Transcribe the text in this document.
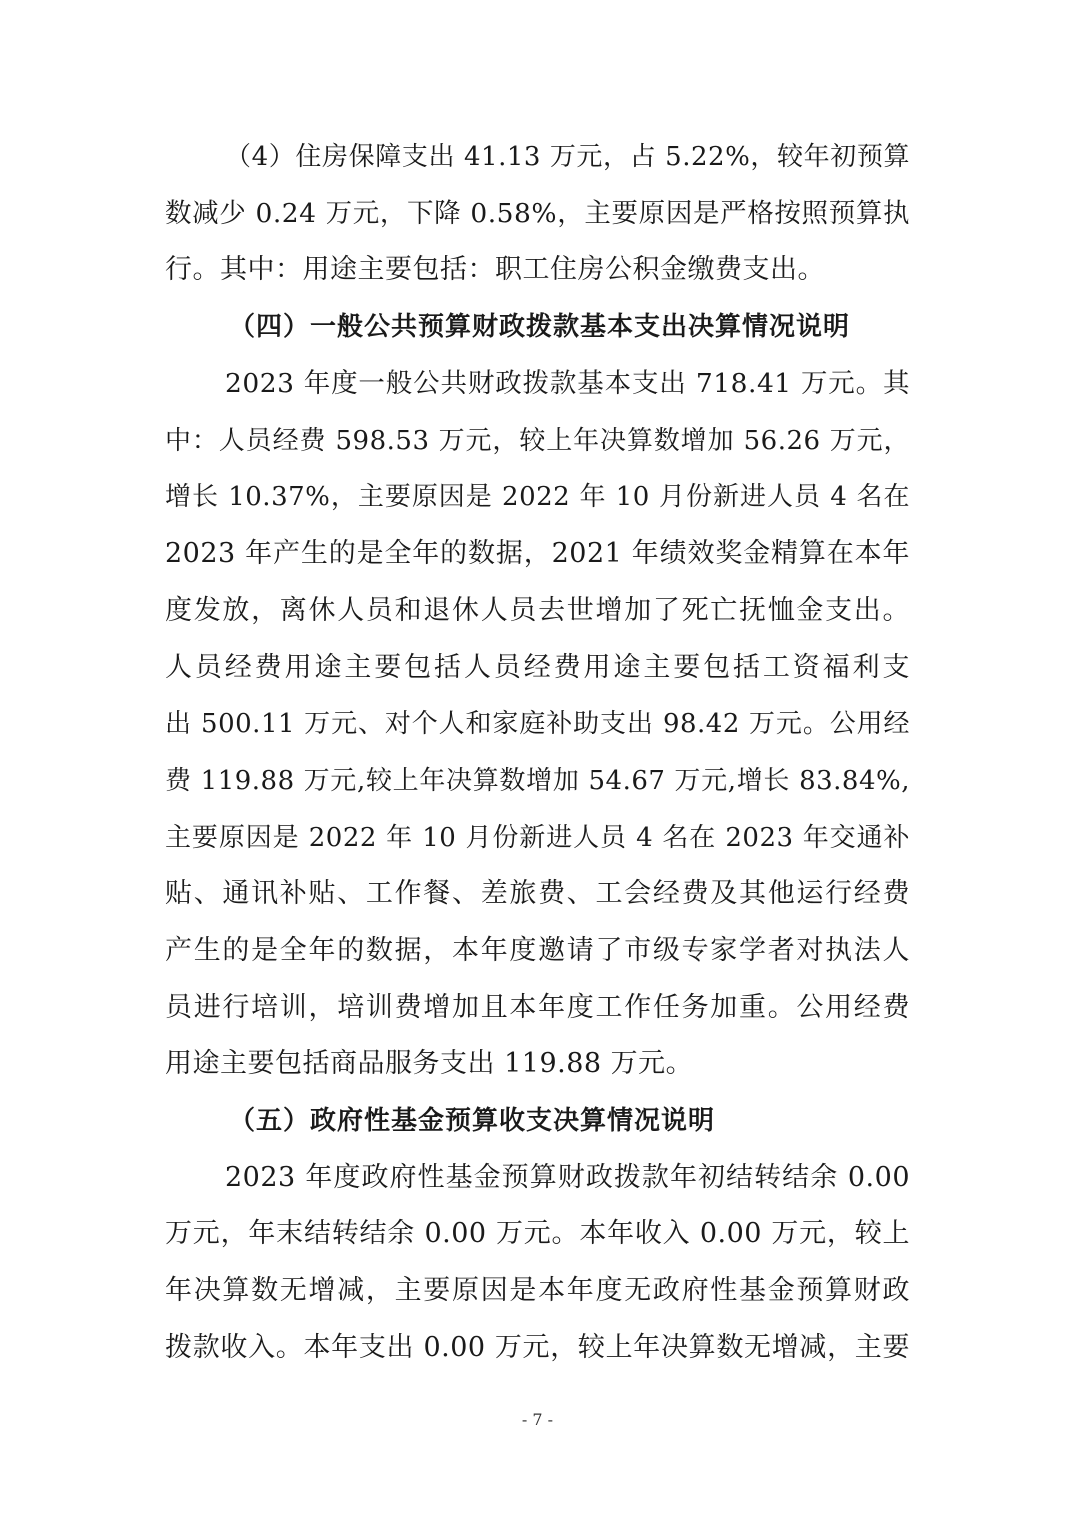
（4）住房保障支出 41.13 万元，占 5.22%，较年初预算
数减少 0.24 万元，下降 0.58%，主要原因是严格按照预算执
行。其中：用途主要包括：职工住房公积金缴费支出。
（四）一般公共预算财政拨款基本支出决算情况说明
2023 年度一般公共财政拨款基本支出 718.41 万元。其
中：人员经费 598.53 万元，较上年决算数增加 56.26 万元，
增长 10.37%，主要原因是 2022 年 10 月份新进人员 4 名在
2023 年产生的是全年的数据，2021 年绩效奖金精算在本年
度发放，离休人员和退休人员去世增加了死亡抚恤金支出。
人员经费用途主要包括人员经费用途主要包括工资福利支
出 500.11 万元、对个人和家庭补助支出 98.42 万元。公用经
费 119.88 万元,较上年决算数增加 54.67 万元,增长 83.84%,
主要原因是 2022 年 10 月份新进人员 4 名在 2023 年交通补
贴、通讯补贴、工作餐、差旅费、工会经费及其他运行经费
产生的是全年的数据，本年度邀请了市级专家学者对执法人
员进行培训，培训费增加且本年度工作任务加重。公用经费
用途主要包括商品服务支出 119.88 万元。
（五）政府性基金预算收支决算情况说明
2023 年度政府性基金预算财政拨款年初结转结余 0.00
万元，年末结转结余 0.00 万元。本年收入 0.00 万元，较上
年决算数无增减，主要原因是本年度无政府性基金预算财政
拨款收入。本年支出 0.00 万元，较上年决算数无增减，主要
- 7 -
